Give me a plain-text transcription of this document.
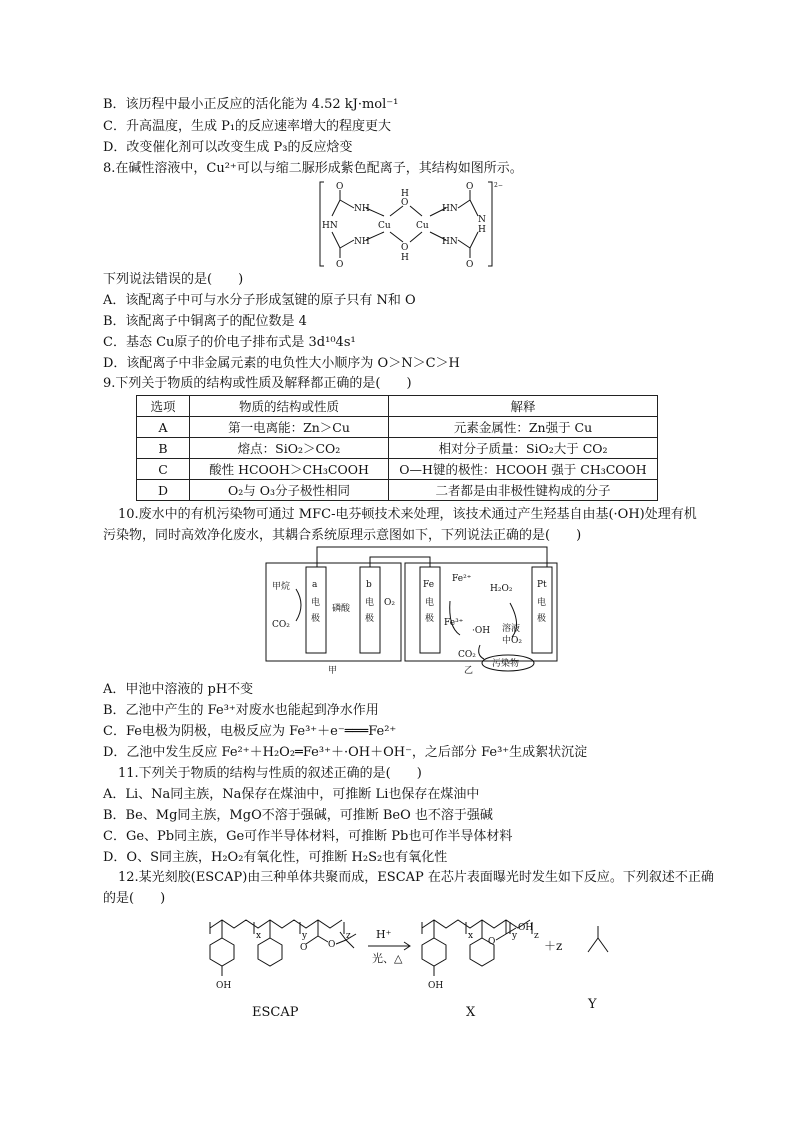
B．该历程中最小正反应的活化能为 4.52 kJ·mol⁻¹
C．升高温度，生成 P₁的反应速率增大的程度更大
D．改变催化剂可以改变生成 P₃的反应焓变
8.在碱性溶液中，Cu²⁺可以与缩二脲形成紫色配离子，其结构如图所示。
O
O
NH
NH
HN
O
O
H
H
Cu	Cu
HN
HN
O
O
N
H
2−
下列说法错误的是(　　)
A．该配离子中可与水分子形成氢键的原子只有 N和 O
B．该配离子中铜离子的配位数是 4
C．基态 Cu原子的价电子排布式是 3d¹⁰4s¹
D．该配离子中非金属元素的电负性大小顺序为 O＞N＞C＞H
9.下列关于物质的结构或性质及解释都正确的是(　　)
选项	物质的结构或性质	解释
A	第一电离能：Zn＞Cu	元素金属性：Zn强于 Cu
B	熔点：SiO₂＞CO₂	相对分子质量：SiO₂大于 CO₂
C	酸性 HCOOH＞CH₃COOH	O—H键的极性：HCOOH 强于 CH₃COOH
D	O₂与 O₃分子极性相同	二者都是由非极性键构成的分子
10.废水中的有机污染物可通过 MFC-电芬顿技术来处理，该技术通过产生羟基自由基(·OH)处理有机
污染物，同时高效净化废水，其耦合系统原理示意图如下，下列说法正确的是(　　)
甲烷
CO₂
a
电
极
磷酸
b
电
极
O₂
Fe
电
极
Fe²⁺
Fe³⁺
·OH
H₂O₂
溶液
中O₂
Pt
电
极
CO₂
污染物
甲	乙
A．甲池中溶液的 pH不变
B．乙池中产生的 Fe³⁺对废水也能起到净水作用
C．Fe电极为阴极，电极反应为 Fe³⁺＋e⁻═══Fe²⁺
D．乙池中发生反应 Fe²⁺＋H₂O₂═Fe³⁺＋·OH＋OH⁻，之后部分 Fe³⁺生成絮状沉淀
11.下列关于物质的结构与性质的叙述正确的是(　　)
A．Li、Na同主族，Na保存在煤油中，可推断 Li也保存在煤油中
B．Be、Mg同主族，MgO不溶于强碱，可推断 BeO 也不溶于强碱
C．Ge、Pb同主族，Ge可作半导体材料，可推断 Pb也可作半导体材料
D．O、S同主族，H₂O₂有氧化性，可推断 H₂S₂也有氧化性
12.某光刻胶(ESCAP)由三种单体共聚而成，ESCAP 在芯片表面曝光时发生如下反应。下列叙述不正确
的是(　　)
z
x	y
OH
O O
H⁺
光、△
x	y z
OH
O
OH
＋z
ESCAP	X
Y
